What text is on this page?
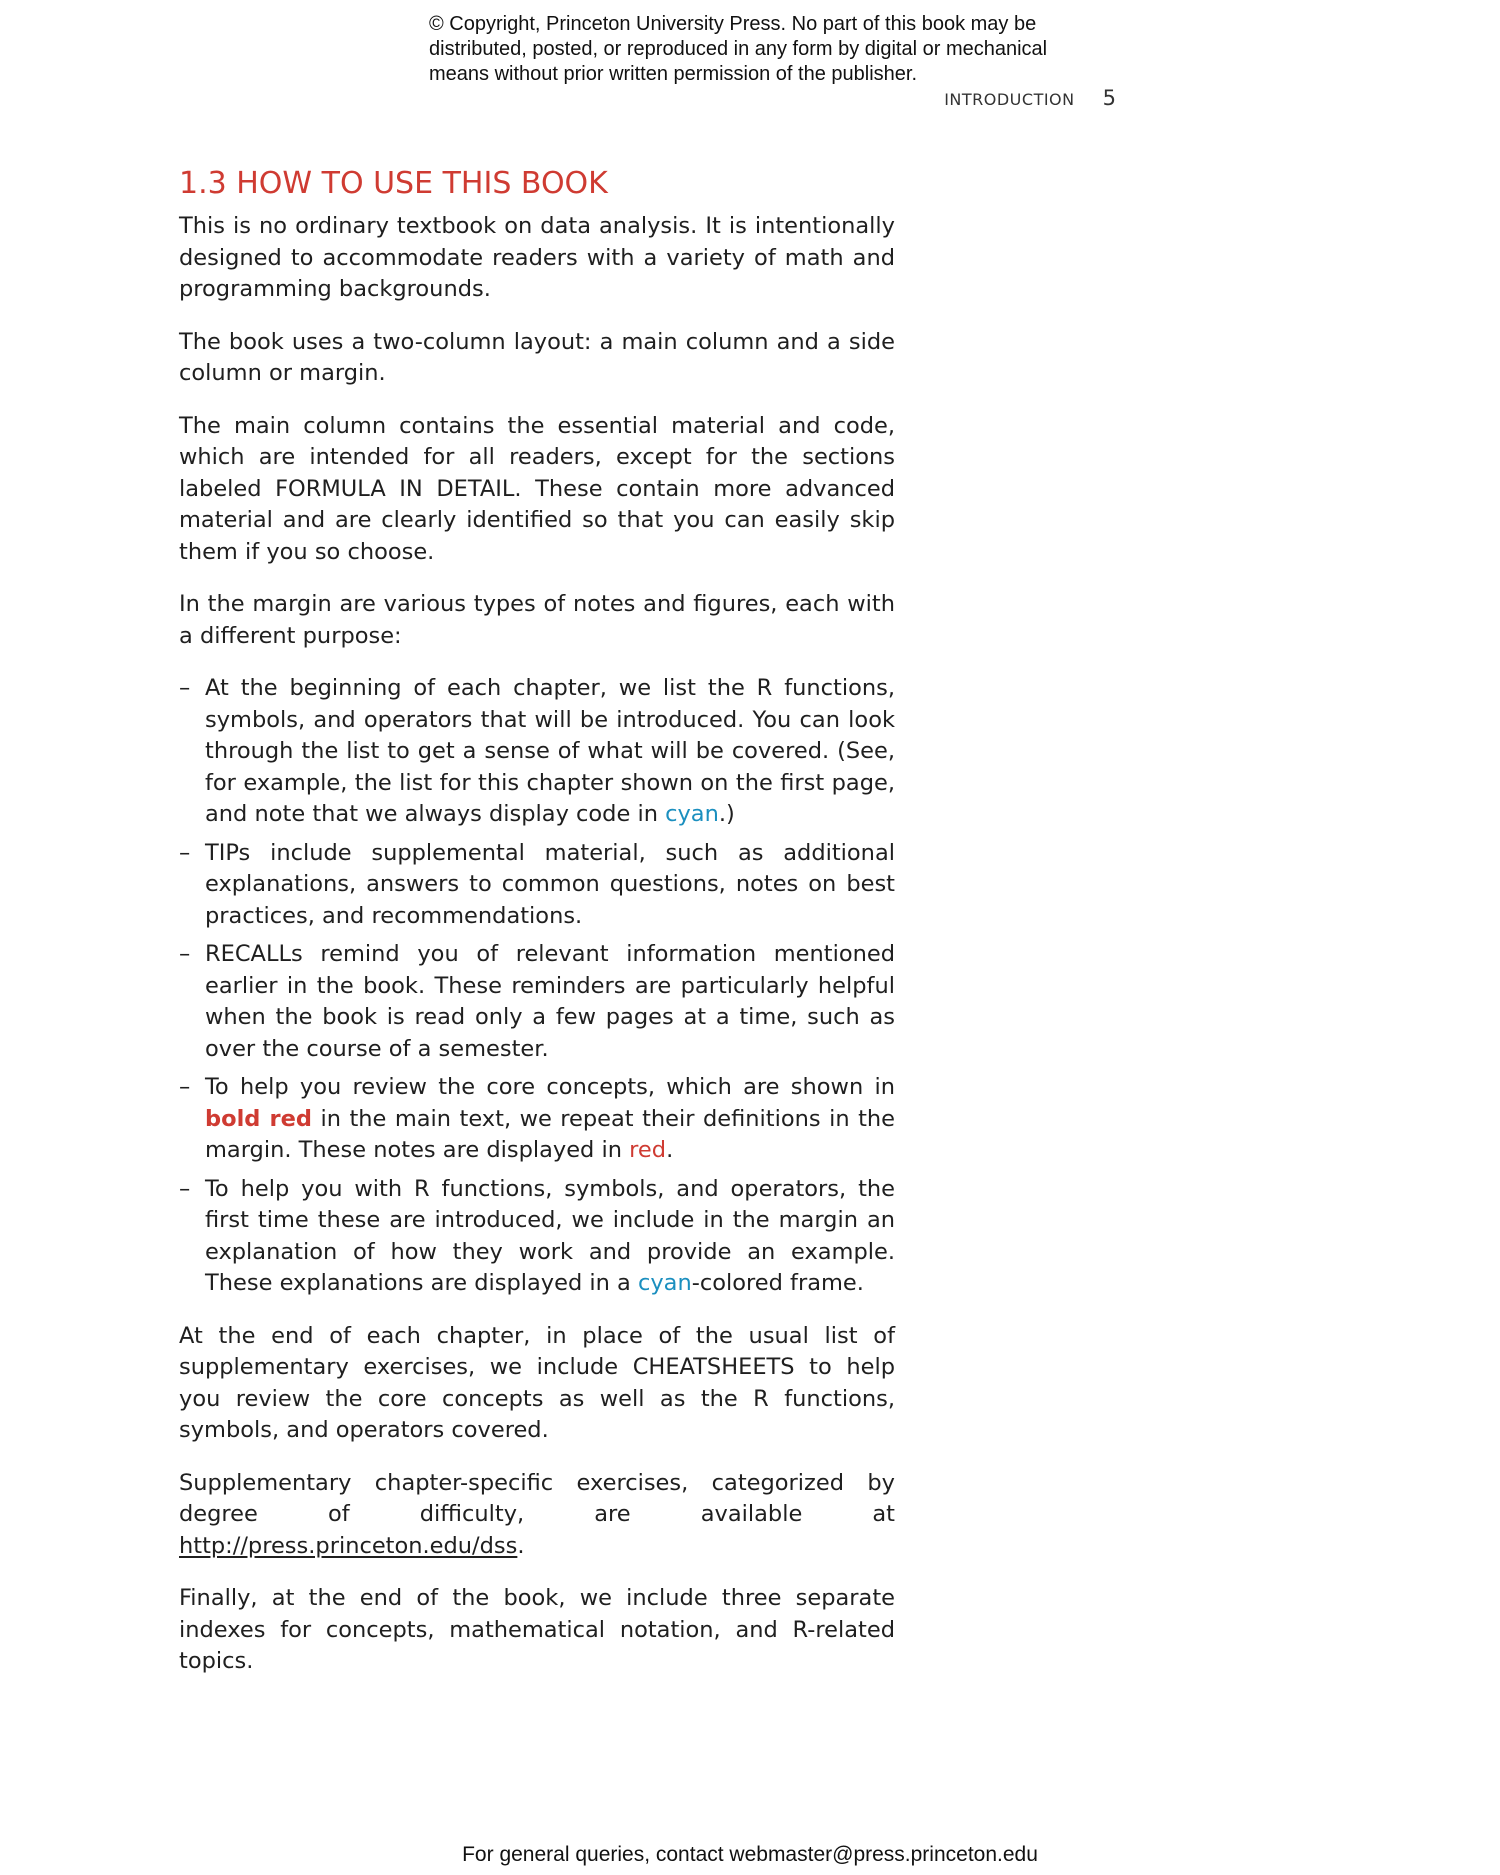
© Copyright, Princeton University Press. No part of this book may be
distributed, posted, or reproduced in any form by digital or mechanical
means without prior written permission of the publisher.
INTRODUCTION 5
1.3 HOW TO USE THIS BOOK

This is no ordinary textbook on data analysis. It is intentionally designed to accommodate readers with a variety of math and programming backgrounds.

The book uses a two-column layout: a main column and a side column or margin.

The main column contains the essential material and code, which are intended for all readers, except for the sections labeled FORMULA IN DETAIL. These contain more advanced material and are clearly identified so that you can easily skip them if you so choose.

In the margin are various types of notes and figures, each with a different purpose:

– At the beginning of each chapter, we list the R functions, symbols, and operators that will be introduced. You can look through the list to get a sense of what will be covered. (See, for example, the list for this chapter shown on the first page, and note that we always display code in cyan.)
– TIPs include supplemental material, such as additional explanations, answers to common questions, notes on best practices, and recommendations.
– RECALLs remind you of relevant information mentioned earlier in the book. These reminders are particularly helpful when the book is read only a few pages at a time, such as over the course of a semester.
– To help you review the core concepts, which are shown in bold red in the main text, we repeat their definitions in the margin. These notes are displayed in red.
– To help you with R functions, symbols, and operators, the first time these are introduced, we include in the margin an explanation of how they work and provide an example. These explanations are displayed in a cyan-colored frame.

At the end of each chapter, in place of the usual list of supplementary exercises, we include CHEATSHEETS to help you review the core concepts as well as the R functions, symbols, and operators covered.

Supplementary chapter-specific exercises, categorized by degree of difficulty, are available at http://press.princeton.edu/dss.

Finally, at the end of the book, we include three separate indexes for concepts, mathematical notation, and R-related topics.

For general queries, contact webmaster@press.princeton.edu
